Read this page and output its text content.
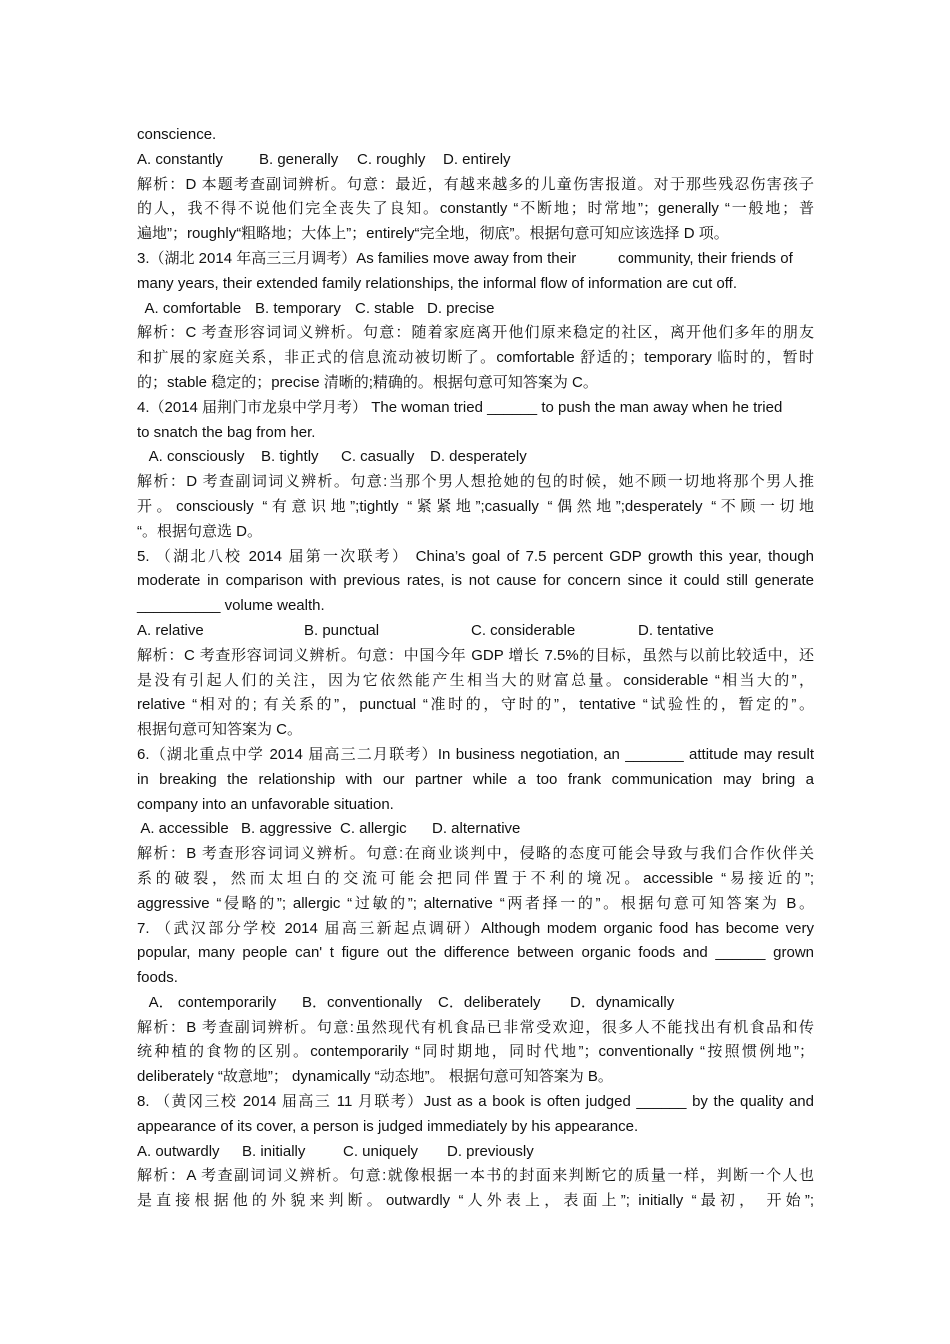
conscience.
A. constantly	B. generally	C. roughly	D. entirely
解析：D 本题考查副词辨析。句意：最近，有越来越多的儿童伤害报道。对于那些残忍伤害孩子
的人，我不得不说他们完全丧失了良知。constantly “不断地；时常地”；generally “一般地；普
遍地”；roughly“粗略地；大体上”；entirely“完全地，彻底”。根据句意可知应该选择 D 项。
3.（湖北 2014 年高三三月调考）As families move away from their          community, their friends of
many years, their extended family relationships, the informal flow of information are cut off.
A. comfortable B. temporary C. stable D. precise
解析：C 考查形容词词义辨析。句意：随着家庭离开他们原来稳定的社区，离开他们多年的朋友
和扩展的家庭关系，非正式的信息流动被切断了。comfortable 舒适的；temporary 临时的，暂时
的；stable 稳定的；precise 清晰的;精确的。根据句意可知答案为 C。
4.（2014 届荆门市龙泉中学月考） The woman tried ______ to push the man away when he tried
to snatch the bag from her.
A. consciously	B. tightly	C. casually	D. desperately
解析：D 考查副词词义辨析。句意:当那个男人想抢她的包的时候，她不顾一切地将那个男人推
开。consciously “有意识地”;tightly “紧紧地”;casually “偶然地”;desperately “不顾一切地
“。根据句意选 D。
5. （湖北八校 2014 届第一次联考） China’s goal of 7.5 percent GDP growth this year, though
moderate in comparison with previous rates, is not cause for concern since it could still generate
__________ volume wealth.
A. relative	B. punctual	C. considerable	D. tentative
解析：C 考查形容词词义辨析。句意：中国今年 GDP 增长 7.5%的目标，虽然与以前比较适中，还
是没有引起人们的关注，因为它依然能产生相当大的财富总量。considerable “相当大的”，
relative “相对的; 有关系的”，punctual “准时的，守时的”，tentative “试验性的，暂定的”。
根据句意可知答案为 C。
6.（湖北重点中学 2014 届高三二月联考）In business negotiation, an _______ attitude may result
in breaking the relationship with our partner while a too frank communication may bring a
company into an unfavorable situation.
A. accessible B. aggressive C. allergic	D. alternative
解析：B 考查形容词词义辨析。句意:在商业谈判中，侵略的态度可能会导致与我们合作伙伴关
系的破裂，然而太坦白的交流可能会把同伴置于不利的境况。accessible “易接近的”;
aggressive “侵略的”; allergic “过敏的”; alternative “两者择一的”。根据句意可知答案为 B。
7. （武汉部分学校 2014 届高三新起点调研）Although modem organic food has become very
popular, many people can' t figure out the difference between organic foods and ______ grown
foods.
A． contemporarily	B．conventionally	C．deliberately	D．dynamically
解析：B 考查副词辨析。句意:虽然现代有机食品已非常受欢迎，很多人不能找出有机食品和传
统种植的食物的区别。contemporarily “同时期地，同时代地”；conventionally “按照惯例地”；
deliberately “故意地”； dynamically “动态地”。 根据句意可知答案为 B。
8. （黄冈三校 2014 届高三 11 月联考）Just as a book is often judged ______ by the quality and
appearance of its cover, a person is judged immediately by his appearance.
A. outwardly	B. initially	C. uniquely	D. previously
解析：A 考查副词词义辨析。句意:就像根据一本书的封面来判断它的质量一样，判断一个人也
是直接根据他的外貌来判断。outwardly “人外表上，表面上”; initially “最初， 开始”;
